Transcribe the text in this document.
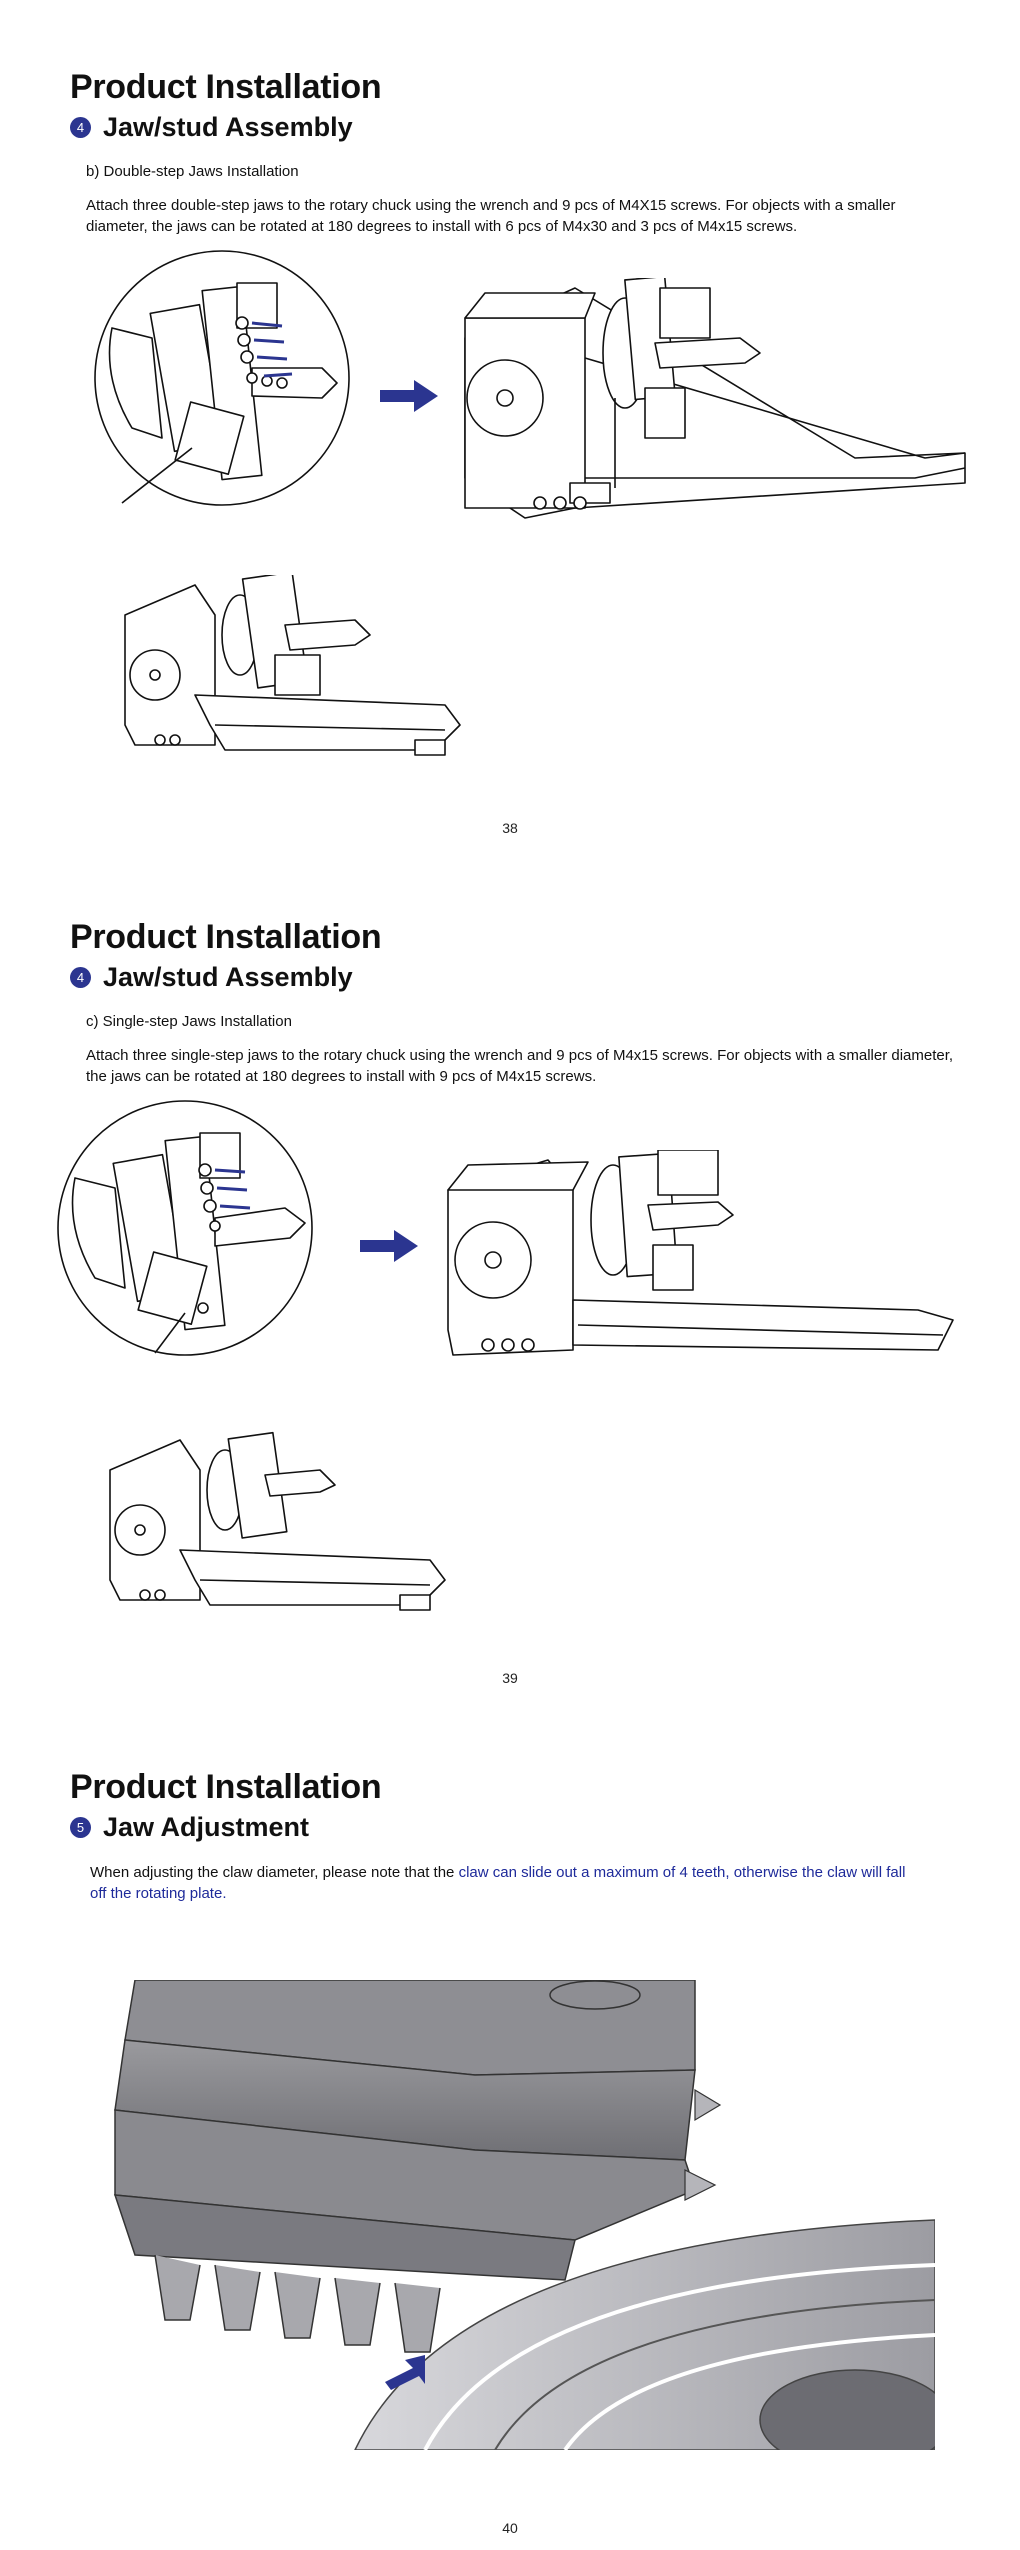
Product Installation
4 Jaw/stud Assembly
b) Double-step Jaws Installation

Attach three double-step jaws to the rotary chuck using the wrench and 9 pcs of M4X15 screws. For objects with a smaller diameter, the jaws can be rotated at 180 degrees to install with 6 pcs of M4x30 and 3 pcs of M4x15 screws.

38
Product Installation
4 Jaw/stud Assembly
c) Single-step Jaws Installation

Attach three single-step jaws to the rotary chuck using the wrench and 9 pcs of M4x15 screws. For objects with a smaller diameter, the jaws can be rotated at 180 degrees to install with 9 pcs of M4x15 screws.

39
Product Installation
5 Jaw Adjustment

When adjusting the claw diameter, please note that the claw can slide out a maximum of 4 teeth, otherwise the claw will fall off the rotating plate.

40
